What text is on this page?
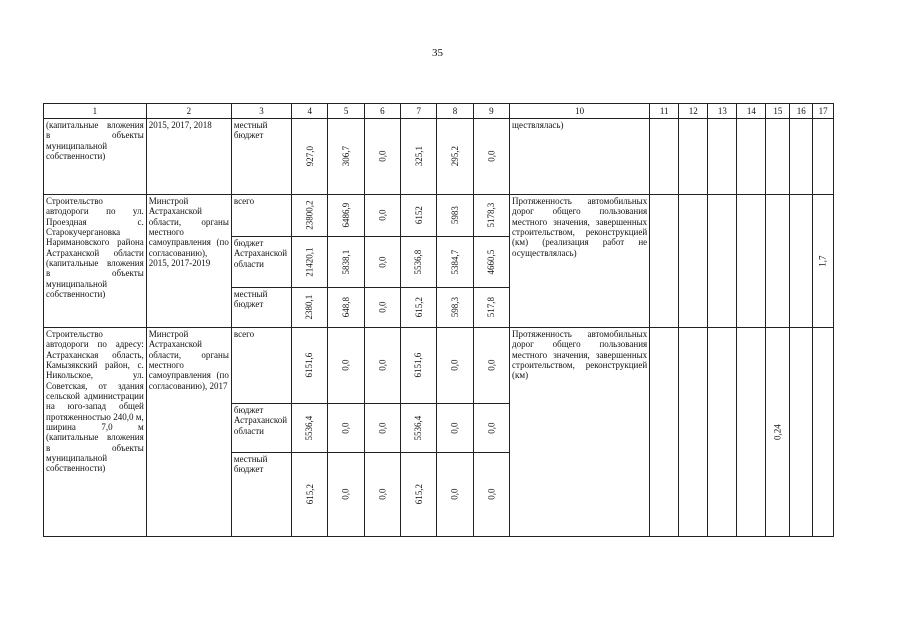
35
1	2	3	4	5	6	7	8	9	10	11	12	13	14	15	16	17
(капитальные вложения в объекты муниципальной собственности)	2015, 2017, 2018	местный бюджет	927,0	306,7	0,0	325,1	295,2	0,0	ществлялась)							
Строительство автодороги по ул. Проездная с. Старокучергановка Наримановского района Астраханской области (капитальные вложения в объекты муниципальной собственности)	Минстрой Астраханской области, органы местного самоуправления (по согласованию), 2015, 2017-2019	всего	23800,2	6486,9	0,0	6152	5983	5178,3	Протяженность автомобильных дорог общего пользования местного значения, завершенных строительством, реконструкцией (км) (реализация работ не осуществлялась)							1,7
		бюджет Астраханской области	21420,1	5838,1	0,0	5536,8	5384,7	4660,5								
		местный бюджет	2380,1	648,8	0,0	615,2	598,3	517,8								
Строительство автодороги по адресу: Астраханская область, Камызякский район, с. Никольское, ул. Советская, от здания сельской администрации на юго-запад общей протяженностью 240,0 м, ширина 7,0 м (капитальные вложения в объекты муниципальной собственности)	Минстрой Астраханской области, органы местного самоуправления (по согласованию), 2017	всего	6151,6	0,0	0,0	6151,6	0,0	0,0	Протяженность автомобильных дорог общего пользования местного значения, завершенных строительством, реконструкцией (км)					0,24		
		бюджет Астраханской области	5536,4	0,0	0,0	5536,4	0,0	0,0								
		местный бюджет	615,2	0,0	0,0	615,2	0,0	0,0								
